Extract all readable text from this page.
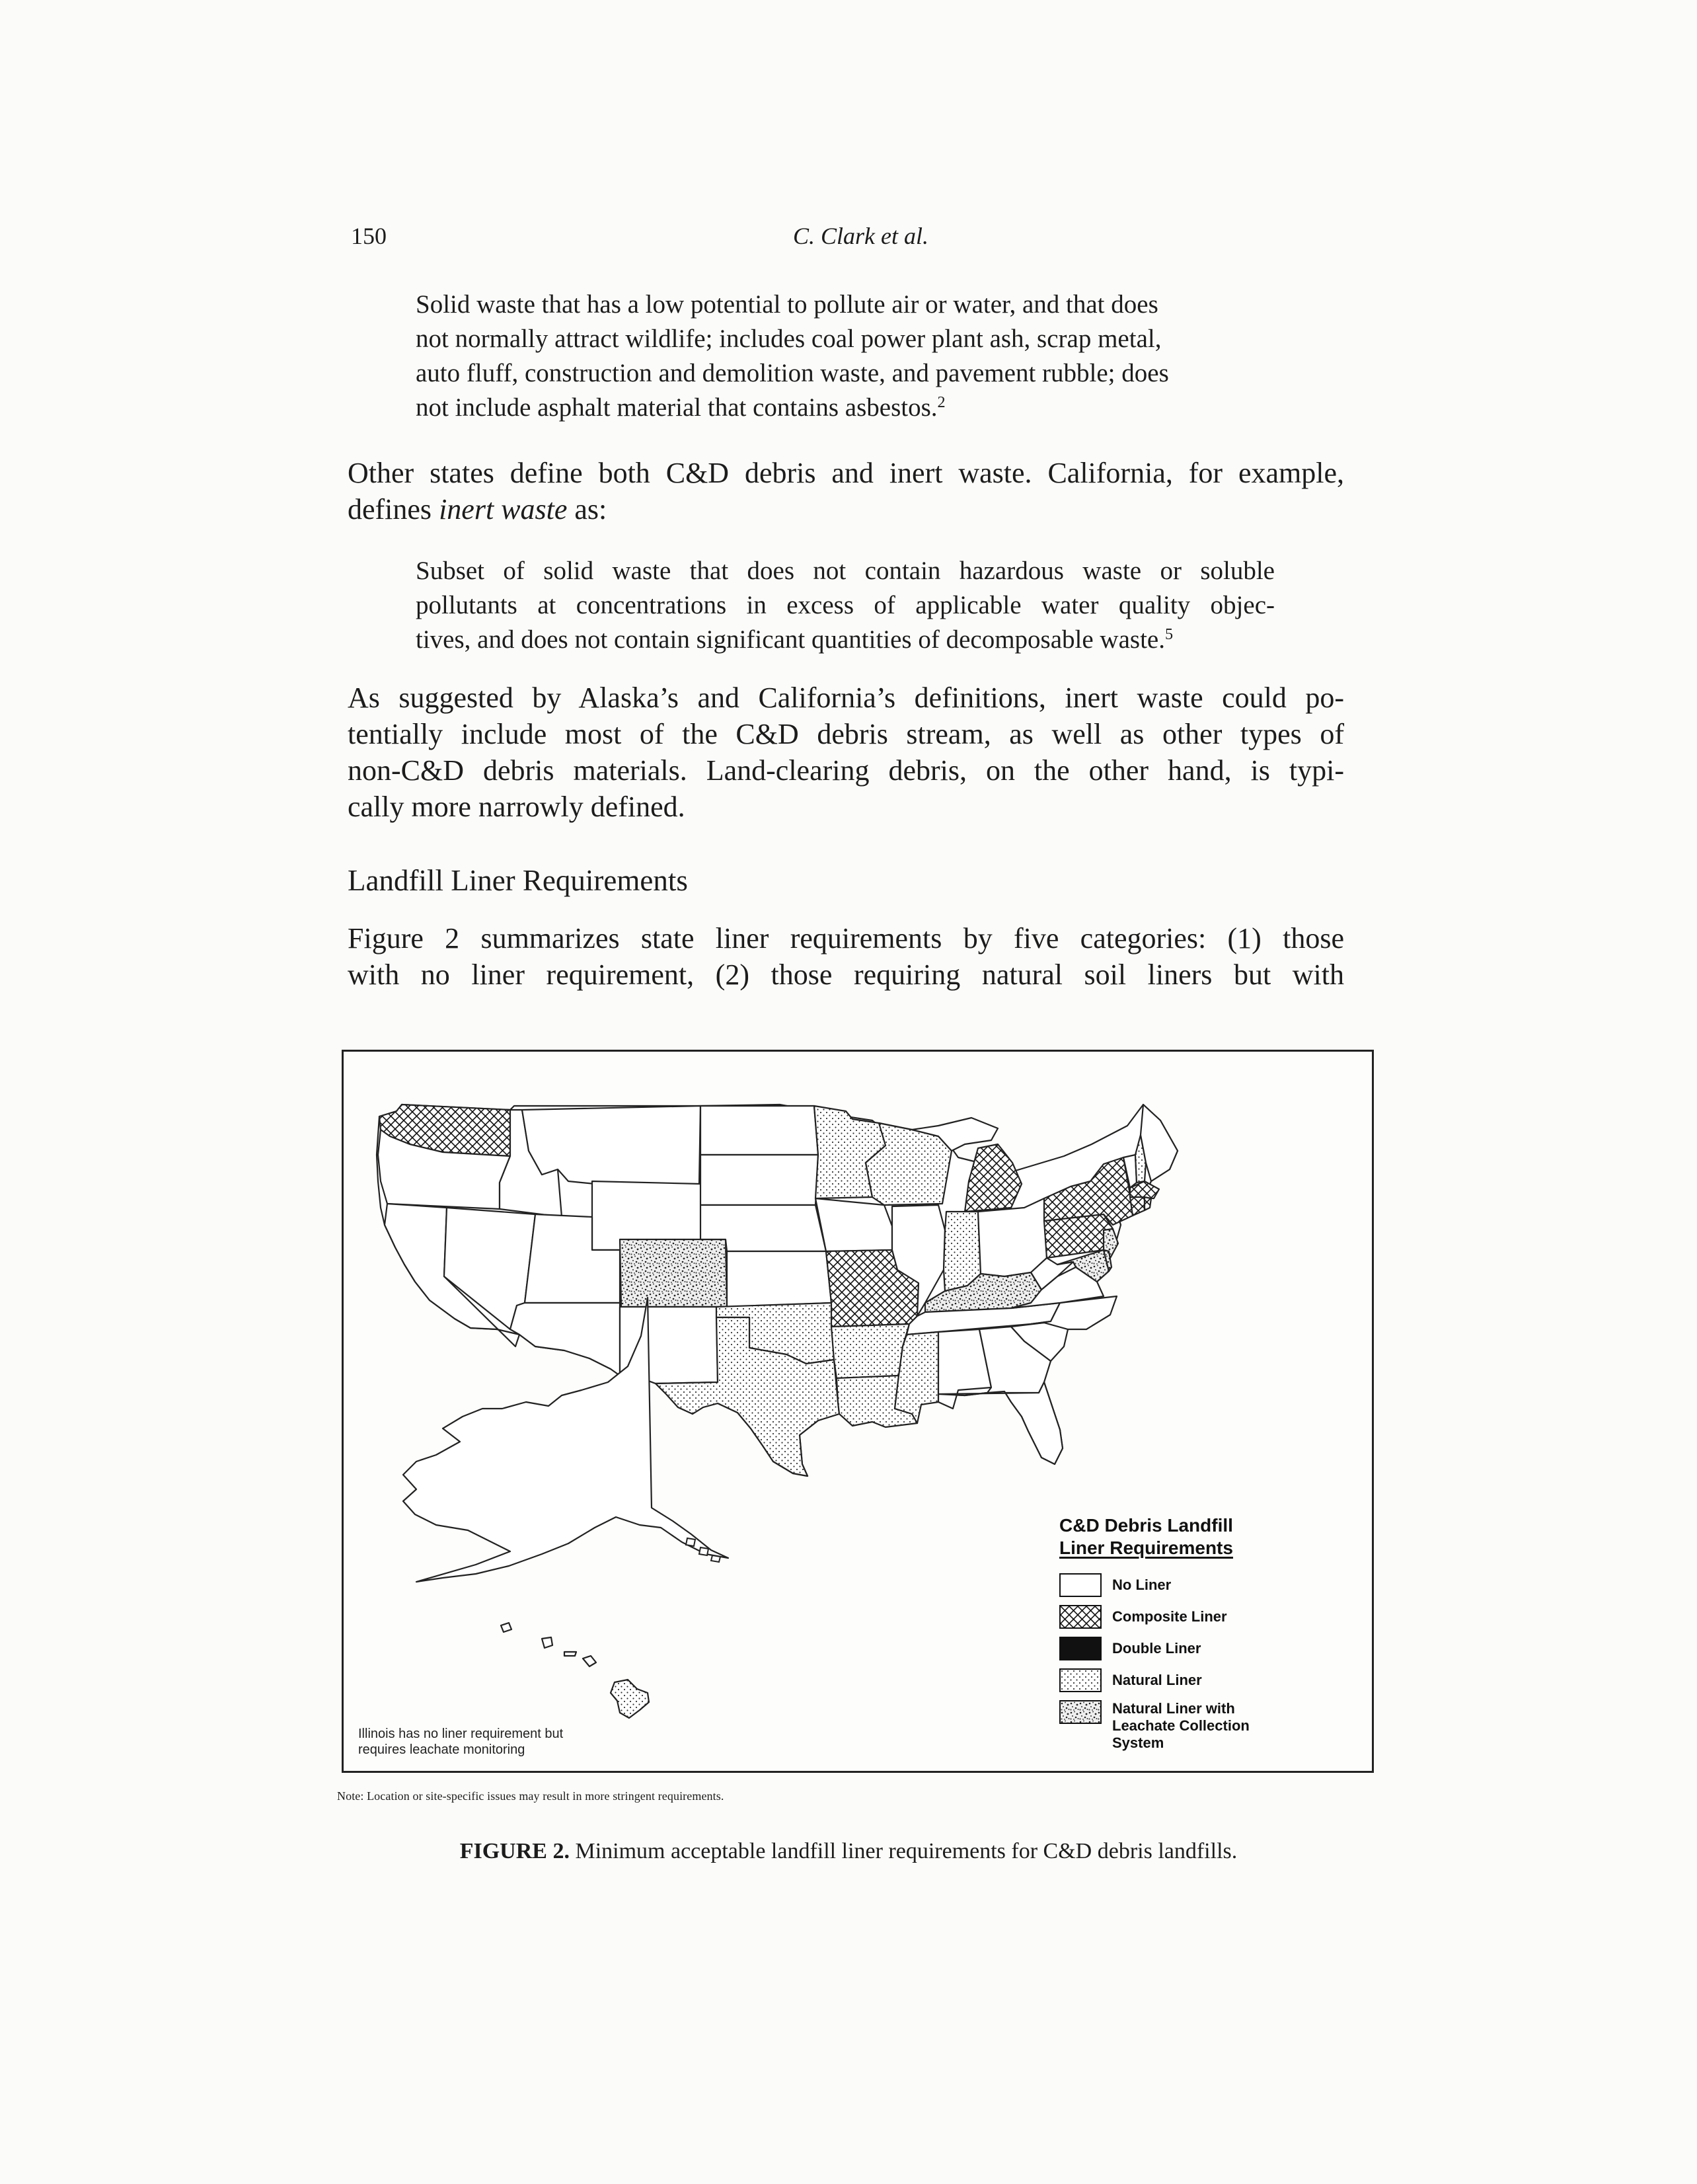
150	C. Clark et al.
Solid waste that has a low potential to pollute air or water, and that does
not normally attract wildlife; includes coal power plant ash, scrap metal,
auto fluff, construction and demolition waste, and pavement rubble; does
not include asphalt material that contains asbestos.$^2$
Other states define both C&D debris and inert waste. California, for example,
defines inert waste as:
Subset of solid waste that does not contain hazardous waste or soluble
pollutants at concentrations in excess of applicable water quality objec-
tives, and does not contain significant quantities of decomposable waste.$^5$
As suggested by Alaska’s and California’s definitions, inert waste could po-
tentially include most of the C&D debris stream, as well as other types of
non-C&D debris materials. Land-clearing debris, on the other hand, is typi-
cally more narrowly defined.
Landfill Liner Requirements
Figure 2 summarizes state liner requirements by five categories: (1) those
with no liner requirement, (2) those requiring natural soil liners but with
C&D Debris Landfill
Liner Requirements
No Liner
Composite Liner
Double Liner
Natural Liner
Natural Liner with
Leachate Collection
System
Illinois has no liner requirement but
requires leachate monitoring
Note: Location or site-specific issues may result in more stringent requirements.
FIGURE 2. Minimum acceptable landfill liner requirements for C&D debris landfills.
